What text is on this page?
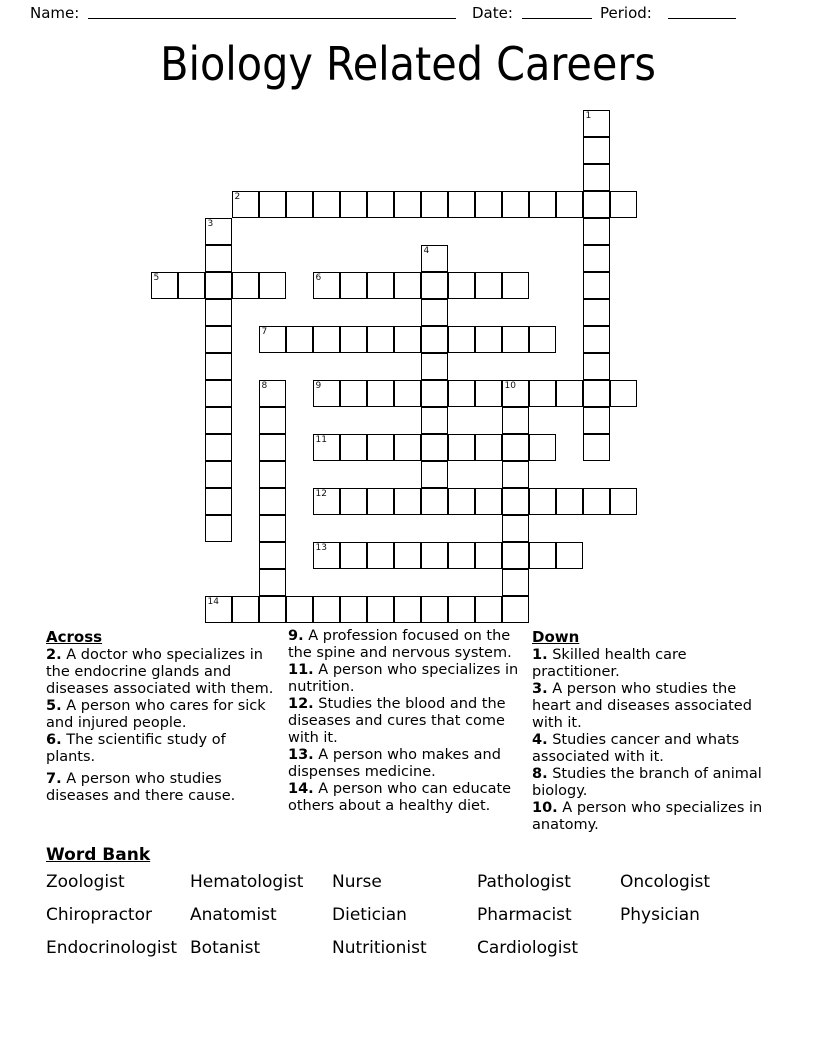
Name:	Date:	Period:
Biology Related Careers
1
2
3
4
5	6
7
8	9	10
11
12
13
14
Across

2. A doctor who specializes in the endocrine glands and diseases associated with them.

5. A person who cares for sick and injured people.

6. The scientific study of plants.

7. A person who studies diseases and there cause.

9. A profession focused on the the spine and nervous system.

11. A person who specializes in nutrition.

12. Studies the blood and the diseases and cures that come with it.

13. A person who makes and dispenses medicine.

14. A person who can educate others about a healthy diet.

Down

1. Skilled health care practitioner.

3. A person who studies the heart and diseases associated with it.

4. Studies cancer and whats associated with it.

8. Studies the branch of animal biology.

10. A person who specializes in anatomy.

Word Bank
Zoologist	Hematologist	Nurse	Pathologist	Oncologist
Chiropractor	Anatomist	Dietician	Pharmacist	Physician
Endocrinologist Botanist	Nutritionist	Cardiologist
